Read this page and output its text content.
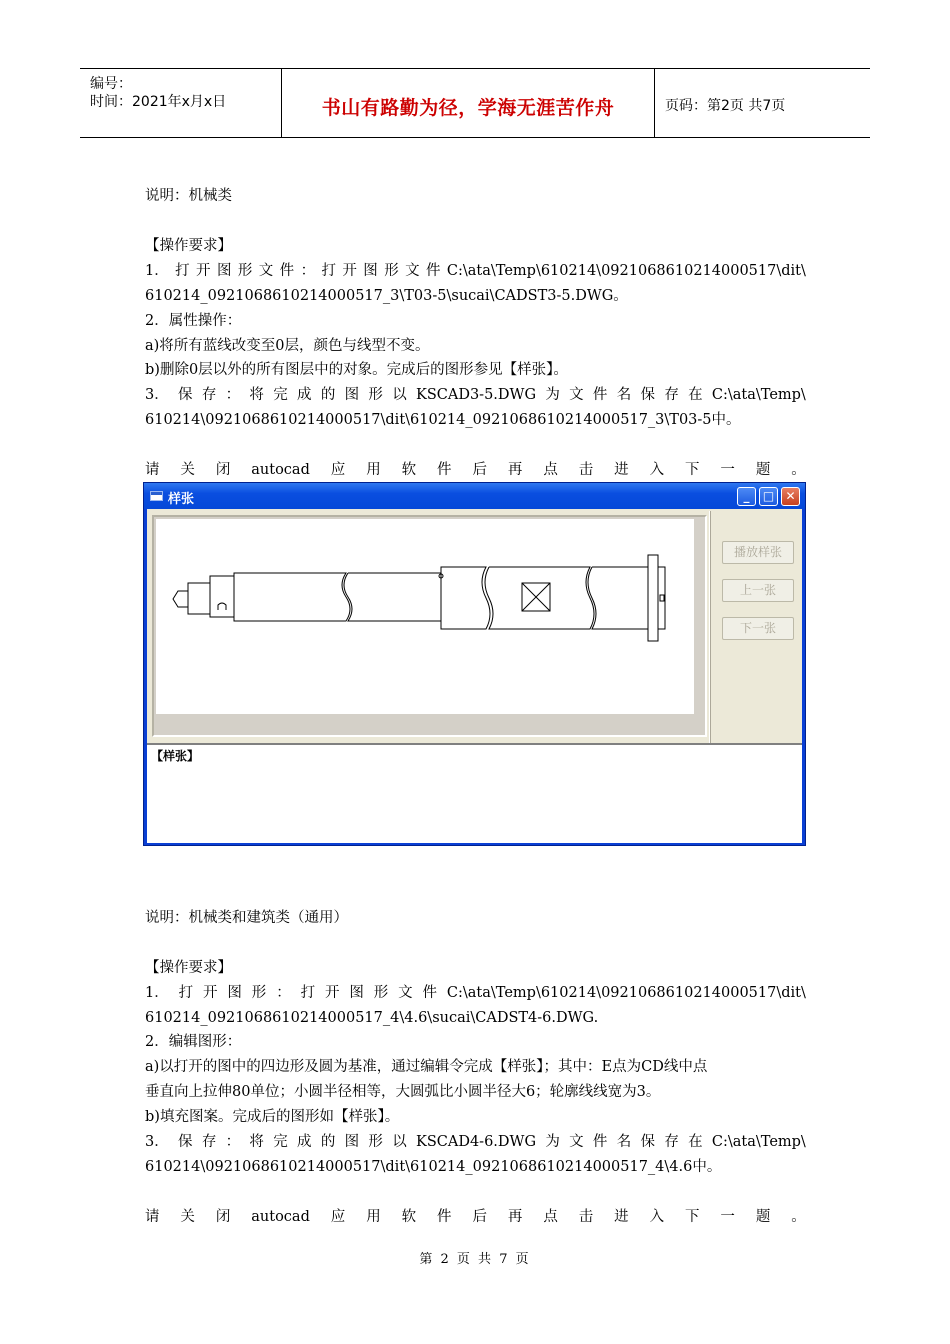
编号：
时间：2021年x月x日	书山有路勤为径，学海无涯苦作舟	页码：第2页 共7页
说明：机械类
【操作要求】
1． 打 开 图 形 文 件 ： 打 开 图 形 文 件 C:\ata\Temp\610214\0921068610214000517\dit\
610214_0921068610214000517_3\T03-5\sucai\CADST3-5.DWG。
2．属性操作：
a)将所有蓝线改变至0层，颜色与线型不变。
b)删除0层以外的所有图层中的对象。完成后的图形参见【样张】。
3． 保 存 ： 将 完 成 的 图 形 以 KSCAD3-5.DWG 为 文 件 名 保 存 在 C:\ata\Temp\
610214\0921068610214000517\dit\610214_0921068610214000517_3\T03-5中。
请 关 闭 autocad 应 用 软 件 后 再 点 击 进 入 下 一 题 。
样张	_	□ ✕
播放样张
上一张
下一张
【样张】
说明：机械类和建筑类（通用）
【操作要求】
1． 打 开 图 形 ： 打 开 图 形 文 件 C:\ata\Temp\610214\0921068610214000517\dit\
610214_0921068610214000517_4\4.6\sucai\CADST4-6.DWG.
2．编辑图形：
a)以打开的图中的四边形及圆为基准，通过编辑令完成【样张】；其中：E点为CD线中点
垂直向上拉伸80单位；小圆半径相等，大圆弧比小圆半径大6；轮廓线线宽为3。
b)填充图案。完成后的图形如【样张】。
3． 保 存 ： 将 完 成 的 图 形 以 KSCAD4-6.DWG 为 文 件 名 保 存 在 C:\ata\Temp\
610214\0921068610214000517\dit\610214_0921068610214000517_4\4.6中。
请 关 闭 autocad 应 用 软 件 后 再 点 击 进 入 下 一 题 。
第 2 页 共 7 页
